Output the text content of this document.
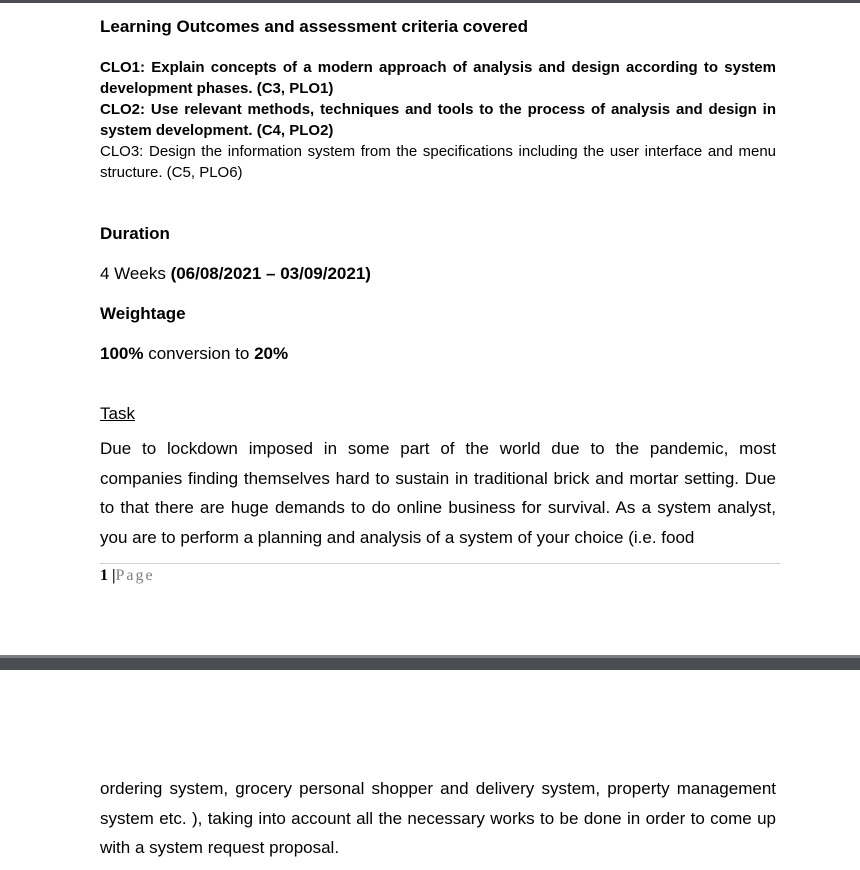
Learning Outcomes and assessment criteria covered

CLO1: Explain concepts of a modern approach of analysis and design according to system development phases. (C3, PLO1)

CLO2: Use relevant methods, techniques and tools to the process of analysis and design in system development. (C4, PLO2)

CLO3: Design the information system from the specifications including the user interface and menu structure. (C5, PLO6)

Duration
4 Weeks (06/08/2021 – 03/09/2021)
Weightage
100% conversion to 20%
Task

Due to lockdown imposed in some part of the world due to the pandemic, most companies finding themselves hard to sustain in traditional brick and mortar setting. Due to that there are huge demands to do online business for survival. As a system analyst, you are to perform a planning and analysis of a system of your choice (i.e. food

1 |Page

ordering system, grocery personal shopper and delivery system, property management system etc. ), taking into account all the necessary works to be done in order to come up with a system request proposal.
